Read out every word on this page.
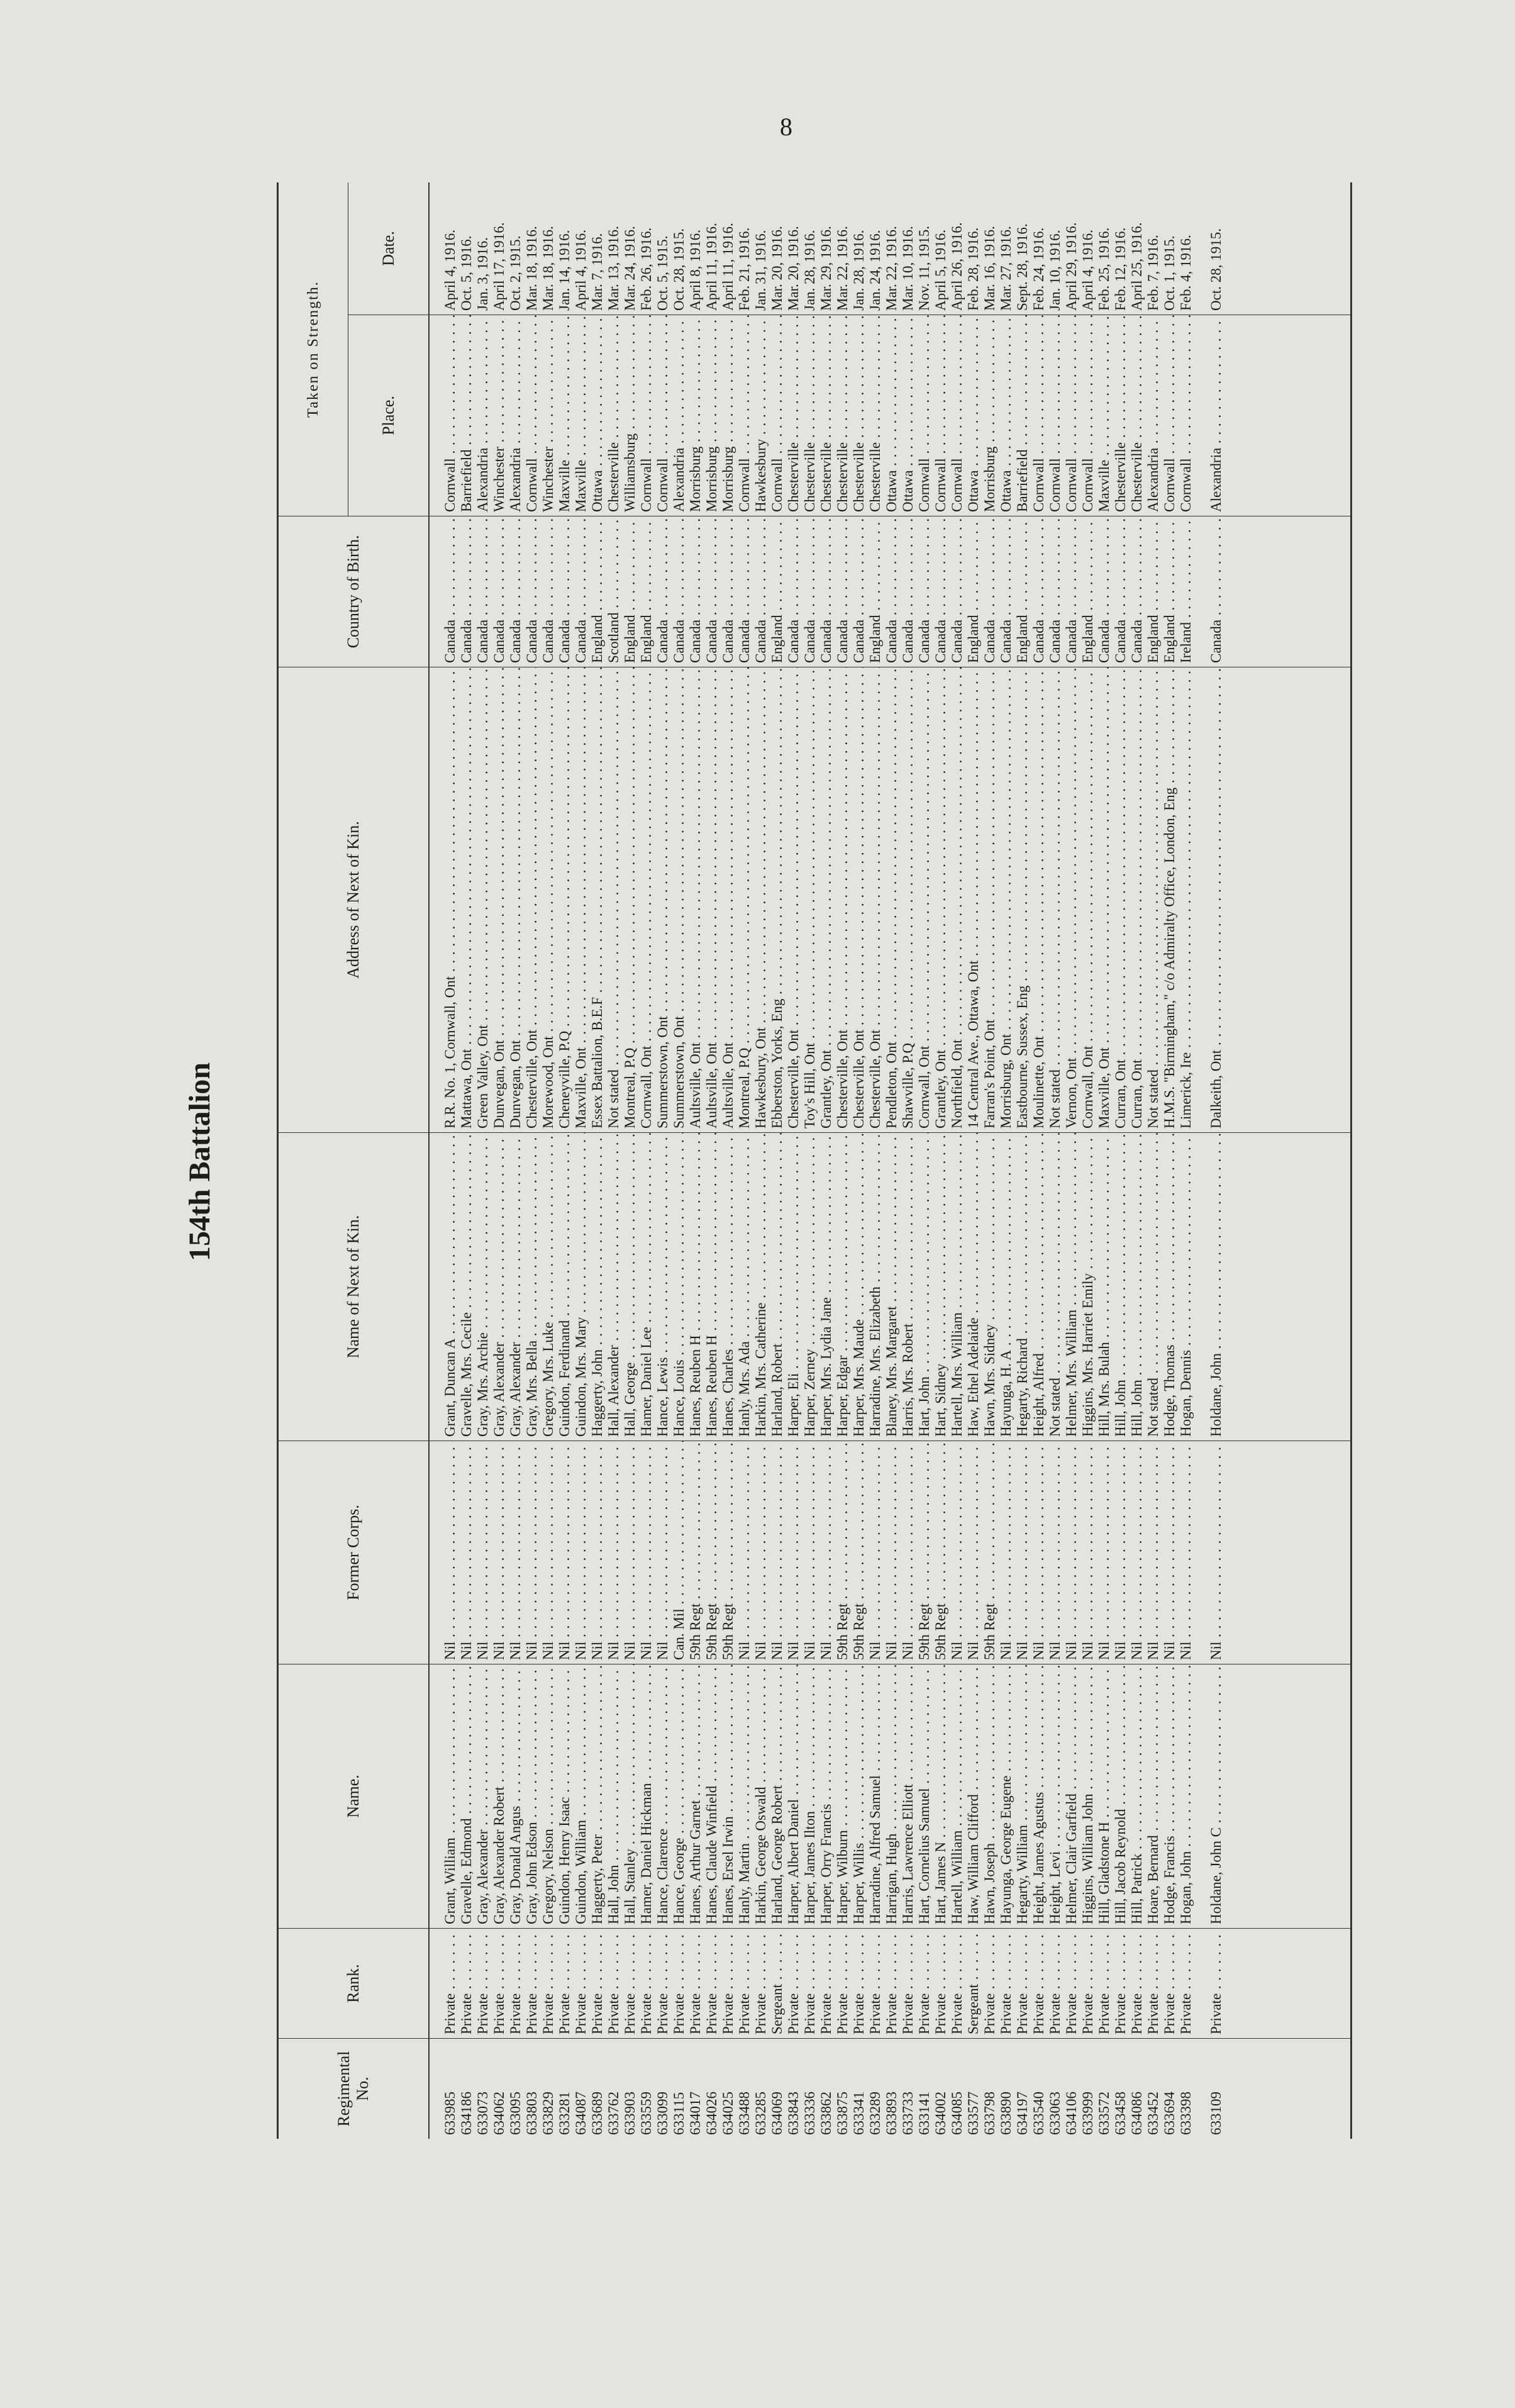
8
154th Battalion
Regimental No.
Rank.
Name.
Former Corps.
Name of Next of Kin.
Address of Next of Kin.
Country of Birth.
Taken on Strength.	Place.
Date.
633985
Private . . .
Grant, William . . .
Nil . . .
Grant, Duncan A . . .
R.R. No. 1, Cornwall, Ont . . .
Canada . . .
Cornwall . . .
April 4, 1916.
634186
Private . . .
Gravelle, Edmond . . .
Nil . . .
Gravelle, Mrs. Cecile . . .
Mattawa, Ont . . .
Canada . . .
Barriefield . . .
Oct. 5, 1916.
633073
Private . . .
Gray, Alexander . . .
Nil . . .
Gray, Mrs. Archie . . .
Green Valley, Ont . . .
Canada . . .
Alexandria . . .
Jan. 3, 1916.
634062
Private . . .
Gray, Alexander Robert . . .
Nil . . .
Gray, Alexander . . .
Dunvegan, Ont . . .
Canada . . .
Winchester . . .
April 17, 1916.
633095
Private . . .
Gray, Donald Angus . . .
Nil . . .
Gray, Alexander . . .
Dunvegan, Ont . . .
Canada . . .
Alexandria . . .
Oct. 2, 1915.
633803
Private . . .
Gray, John Edson . . .
Nil . . .
Gray, Mrs. Bella . . .
Chesterville, Ont . . .
Canada . . .
Cornwall . . .
Mar. 18, 1916.
633829
Private . . .
Gregory, Nelson . . .
Nil . . .
Gregory, Mrs. Luke . . .
Morewood, Ont . . .
Canada . . .
Winchester . . .
Mar. 18, 1916.
633281
Private . . .
Guindon, Henry Isaac . . .
Nil . . .
Guindon, Ferdinand . . .
Cheneyville, P.Q . . .
Canada . . .
Maxville . . .
Jan. 14, 1916.
634087
Private . . .
Guindon, William . . .
Nil . . .
Guindon, Mrs. Mary . . .
Maxville, Ont . . .
Canada . . .
Maxville . . .
April 4, 1916.
633689
Private . . .
Haggerty, Peter . . .
Nil . . .
Haggerty, John . . .
Essex Battalion, B.E.F . . .
England . . .
Ottawa . . .
Mar. 7, 1916.
633762
Private . . .
Hall, John . . .
Nil . . .
Hall, Alexander . . .
Not stated . . .
Scotland . . .
Chesterville . . .
Mar. 13, 1916.
633903
Private . . .
Hall, Stanley . . .
Nil . . .
Hall, George . . .
Montreal, P.Q . . .
England . . .
Williamsburg . . .
Mar. 24, 1916.
633559
Private . . .
Hamer, Daniel Hickman . . .
Nil . . .
Hamer, Daniel Lee . . .
Cornwall, Ont . . .
England . . .
Cornwall . . .
Feb. 26, 1916.
633099
Private . . .
Hance, Clarence . . .
Nil . . .
Hance, Lewis . . .
Summerstown, Ont . . .
Canada . . .
Cornwall . . .
Oct. 5, 1915.
633115
Private . . .
Hance, George . . .
Can. Mil . . .
Hance, Louis . . .
Summerstown, Ont . . .
Canada . . .
Alexandria . . .
Oct. 28, 1915.
634017
Private . . .
Hanes, Arthur Garnet . . .
59th Regt . . .
Hanes, Reuben H . . .
Aultsville, Ont . . .
Canada . . .
Morrisburg . . .
April 8, 1916.
634026
Private . . .
Hanes, Claude Winfield . . .
59th Regt . . .
Hanes, Reuben H . . .
Aultsville, Ont . . .
Canada . . .
Morrisburg . . .
April 11, 1916.
634025
Private . . .
Hanes, Ersel Irwin . . .
59th Regt . . .
Hanes, Charles . . .
Aultsville, Ont . . .
Canada . . .
Morrisburg . . .
April 11, 1916.
633488
Private . . .
Hanly, Martin . . .
Nil . . .
Hanly, Mrs. Ada . . .
Montreal, P.Q . . .
Canada . . .
Cornwall . . .
Feb. 21, 1916.
633285
Private . . .
Harkin, George Oswald . . .
Nil . . .
Harkin, Mrs. Catherine . . .
Hawkesbury, Ont . . .
Canada . . .
Hawkesbury . . .
Jan. 31, 1916.
634069
Sergeant . . .
Harland, George Robert . . .
Nil . . .
Harland, Robert . . .
Ebberston, Yorks, Eng . . .
England . . .
Cornwall . . .
Mar. 20, 1916.
633843
Private . . .
Harper, Albert Daniel . . .
Nil . . .
Harper, Eli . . .
Chesterville, Ont . . .
Canada . . .
Chesterville . . .
Mar. 20, 1916.
633336
Private . . .
Harper, James Ilton . . .
Nil . . .
Harper, Zerney . . .
Toy's Hill, Ont . . .
Canada . . .
Chesterville . . .
Jan. 28, 1916.
633862
Private . . .
Harper, Orry Francis . . .
Nil . . .
Harper, Mrs. Lydia Jane . . .
Grantley, Ont . . .
Canada . . .
Chesterville . . .
Mar. 29, 1916.
633875
Private . . .
Harper, Wilburn . . .
59th Regt . . .
Harper, Edgar . . .
Chesterville, Ont . . .
Canada . . .
Chesterville . . .
Mar. 22, 1916.
633341
Private . . .
Harper, Willis . . .
59th Regt . . .
Harper, Mrs. Maude . . .
Chesterville, Ont . . .
Canada . . .
Chesterville . . .
Jan. 28, 1916.
633289
Private . . .
Harradine, Alfred Samuel . . .
Nil . . .
Harradine, Mrs. Elizabeth . . .
Chesterville, Ont . . .
England . . .
Chesterville . . .
Jan. 24, 1916.
633893
Private . . .
Harrigan, Hugh . . .
Nil . . .
Blaney, Mrs. Margaret . . .
Pendleton, Ont . . .
Canada . . .
Ottawa . . .
Mar. 22, 1916.
633733
Private . . .
Harris, Lawrence Elliott . . .
Nil . . .
Harris, Mrs. Robert . . .
Shawville, P.Q . . .
Canada . . .
Ottawa . . .
Mar. 10, 1916.
633141
Private . . .
Hart, Cornelius Samuel . . .
59th Regt . . .
Hart, John . . .
Cornwall, Ont . . .
Canada . . .
Cornwall . . .
Nov. 11, 1915.
634002
Private . . .
Hart, James N . . .
59th Regt . . .
Hart, Sidney . . .
Grantley, Ont . . .
Canada . . .
Cornwall . . .
April 5, 1916.
634085
Private . . .
Hartell, William . . .
Nil . . .
Hartell, Mrs. William . . .
Northfield, Ont . . .
Canada . . .
Cornwall . . .
April 26, 1916.
633577
Sergeant . . .
Haw, William Clifford . . .
Nil . . .
Haw, Ethel Adelaide . . .
14 Central Ave., Ottawa, Ont . . .
England . . .
Ottawa . . .
Feb. 28, 1916.
633798
Private . . .
Hawn, Joseph . . .
59th Regt . . .
Hawn, Mrs. Sidney . . .
Farran's Point, Ont . . .
Canada . . .
Morrisburg . . .
Mar. 16, 1916.
633890
Private . . .
Hayunga, George Eugene . . .
Nil . . .
Hayunga, H. A . . .
Morrisburg, Ont . . .
Canada . . .
Ottawa . . .
Mar. 27, 1916.
634197
Private . . .
Hegarty, William . . .
Nil . . .
Hegarty, Richard . . .
Eastbourne, Sussex, Eng . . .
England . . .
Barriefield . . .
Sept. 28, 1916.
633540
Private . . .
Height, James Agustus . . .
Nil . . .
Height, Alfred . . .
Moulinette, Ont . . .
Canada . . .
Cornwall . . .
Feb. 24, 1916.
633063
Private . . .
Height, Levi . . .
Nil . . .
Not stated . . .
Not stated . . .
Canada . . .
Cornwall . . .
Jan. 10, 1916.
634106
Private . . .
Helmer, Clair Garfield . . .
Nil . . .
Helmer, Mrs. William . . .
Vernon, Ont . . .
Canada . . .
Cornwall . . .
April 29, 1916.
633999
Private . . .
Higgins, William John . . .
Nil . . .
Higgins, Mrs. Harriet Emily . . .
Cornwall, Ont . . .
England . . .
Cornwall . . .
April 4, 1916.
633572
Private . . .
Hill, Gladstone H . . .
Nil . . .
Hill, Mrs. Bulah . . .
Maxville, Ont . . .
Canada . . .
Maxville . . .
Feb. 25, 1916.
633458
Private . . .
Hill, Jacob Reynold . . .
Nil . . .
Hill, John . . .
Curran, Ont . . .
Canada . . .
Chesterville . . .
Feb. 12, 1916.
634086
Private . . .
Hill, Patrick . . .
Nil . . .
Hill, John . . .
Curran, Ont . . .
Canada . . .
Chesterville . . .
April 25, 1916.
633452
Private . . .
Hoare, Bernard . . .
Nil . . .
Not stated . . .
Not stated . . .
England . . .
Alexandria . . .
Feb. 7, 1916.
633694
Private . . .
Hodge, Francis . . .
Nil . . .
Hodge, Thomas . . .
H.M.S. "Birmingham," c/o Admiralty Office, London, Eng . . .
England . . .
Cornwall . . .
Oct. 1, 1915.
633398
Private . . .
Hogan, John . . .
Nil . . .
Hogan, Dennis . . .
Limerick, Ire . . .
Ireland . . .
Cornwall . . .
Feb. 4, 1916.
633109
Private . . .
Holdane, John C . . .
Nil . . .
Holdane, John . . .
Dalkeith, Ont . . .
Canada . . .
Alexandria . . .
Oct. 28, 1915.
